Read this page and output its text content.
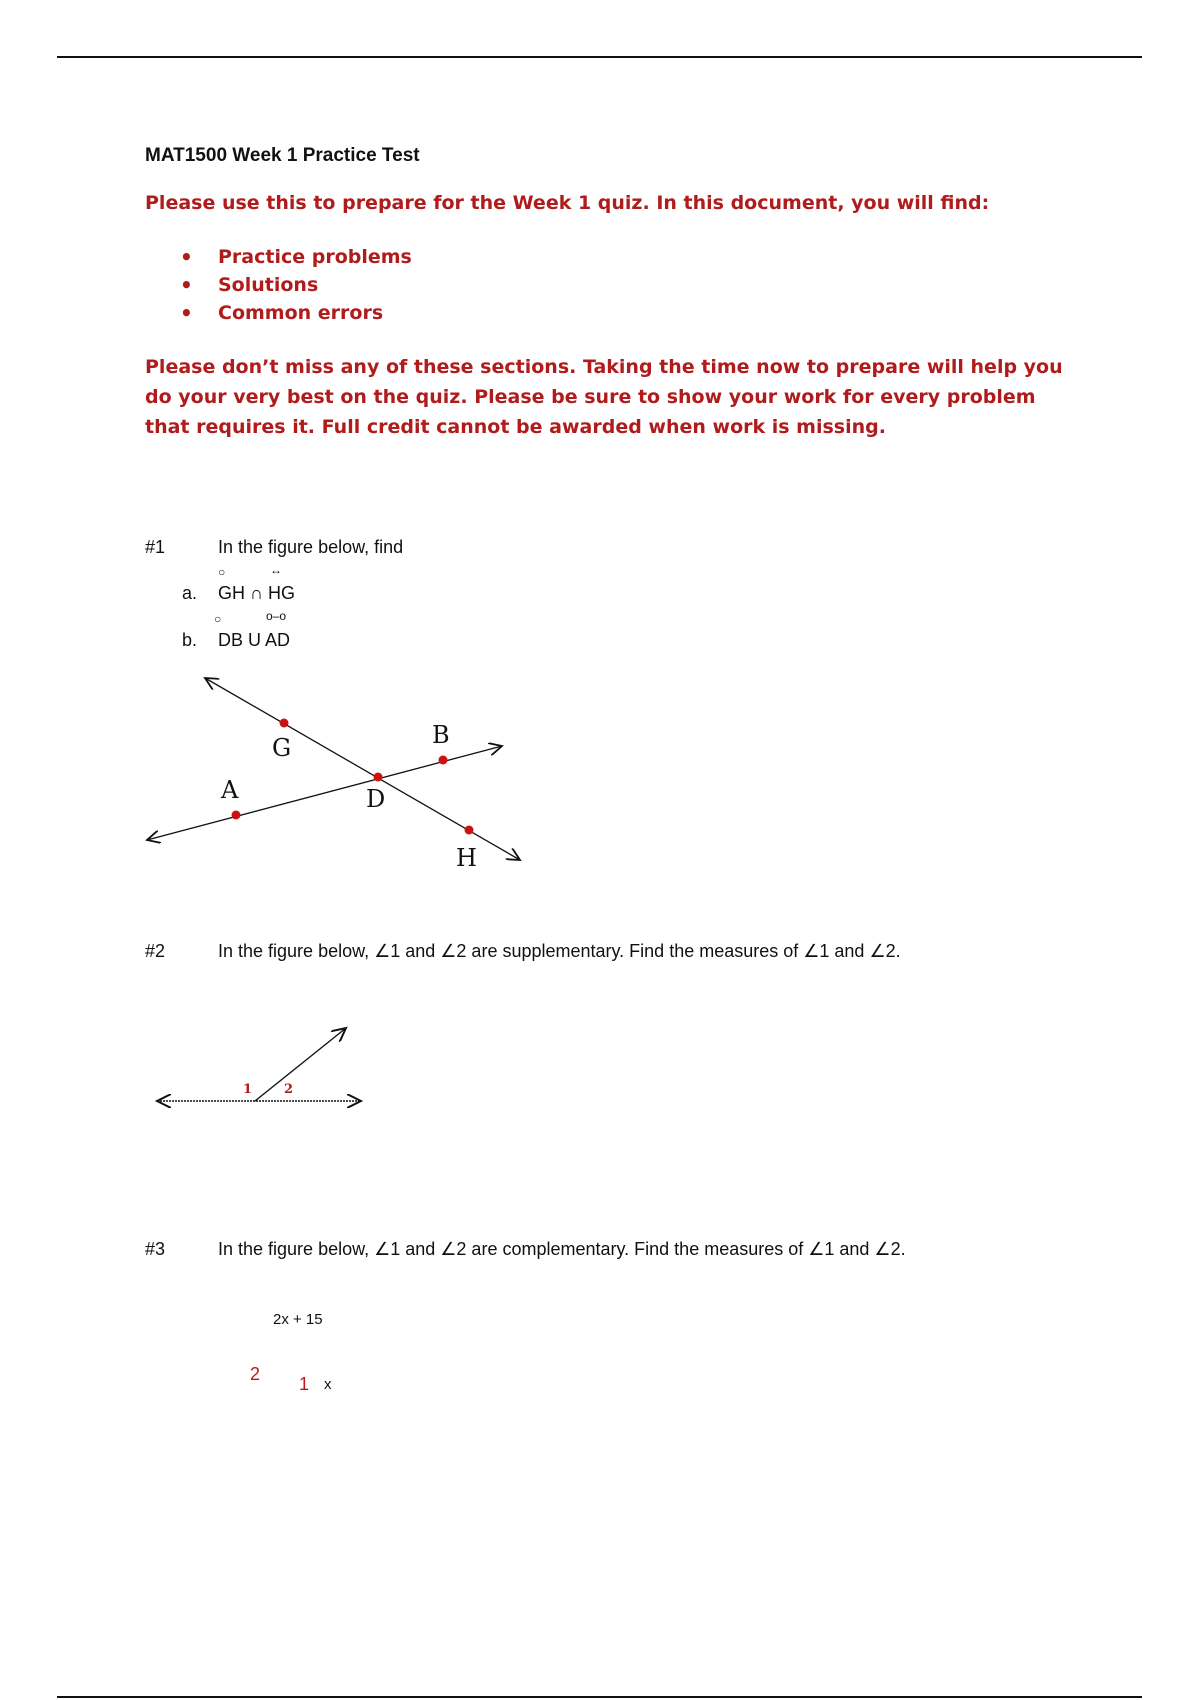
MAT1500 Week 1 Practice Test
Please use this to prepare for the Week 1 quiz. In this document, you will find:
• Practice problems
• Solutions
• Common errors
Please don’t miss any of these sections. Taking the time now to prepare will help you do your very best on the quiz. Please be sure to show your work for every problem that requires it. Full credit cannot be awarded when work is missing.
#1	In the figure below, find
○	↔
a. GH ∩ HG
○	o–o
b. DB U AD
G	B
A	D
H
#2	In the figure below, ∠1 and ∠2 are supplementary. Find the measures of ∠1 and ∠2.
1 2
#3	In the figure below, ∠1 and ∠2 are complementary. Find the measures of ∠1 and ∠2.
2x + 15
2 1 x
